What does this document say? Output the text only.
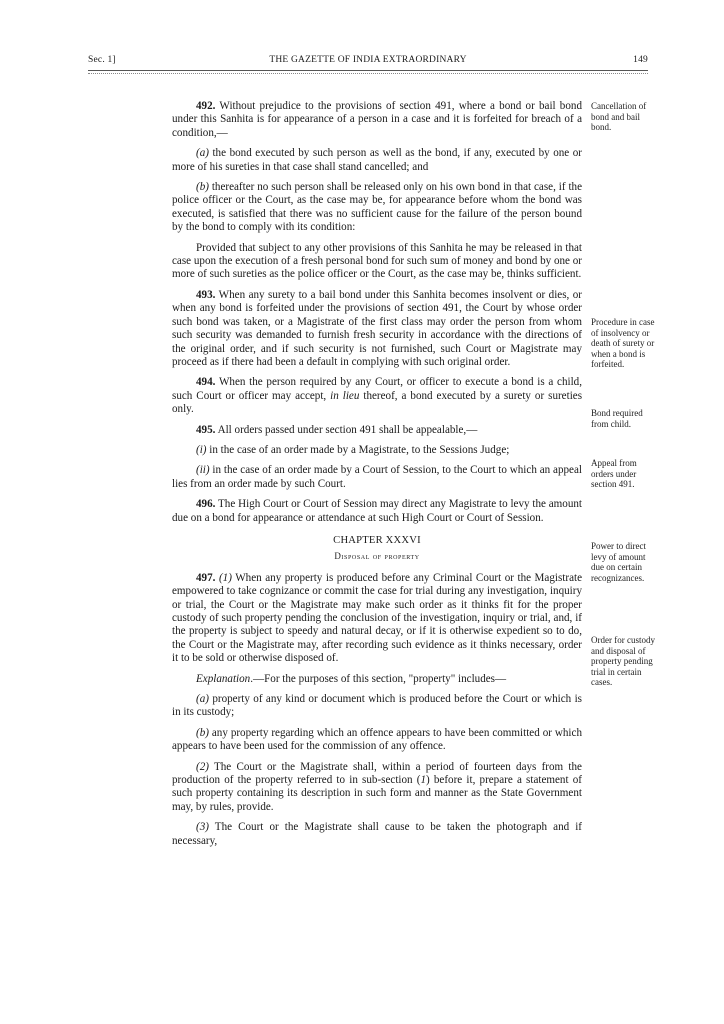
Sec. 1]	THE GAZETTE OF INDIA EXTRAORDINARY	149

492. Without prejudice to the provisions of section 491, where a bond or bail bond under this Sanhita is for appearance of a person in a case and it is forfeited for breach of a condition,—

(a) the bond executed by such person as well as the bond, if any, executed by one or more of his sureties in that case shall stand cancelled; and

(b) thereafter no such person shall be released only on his own bond in that case, if the police officer or the Court, as the case may be, for appearance before whom the bond was executed, is satisfied that there was no sufficient cause for the failure of the person bound by the bond to comply with its condition:

Provided that subject to any other provisions of this Sanhita he may be released in that case upon the execution of a fresh personal bond for such sum of money and bond by one or more of such sureties as the police officer or the Court, as the case may be, thinks sufficient.

493. When any surety to a bail bond under this Sanhita becomes insolvent or dies, or when any bond is forfeited under the provisions of section 491, the Court by whose order such bond was taken, or a Magistrate of the first class may order the person from whom such security was demanded to furnish fresh security in accordance with the directions of the original order, and if such security is not furnished, such Court or Magistrate may proceed as if there had been a default in complying with such original order.

494. When the person required by any Court, or officer to execute a bond is a child, such Court or officer may accept, in lieu thereof, a bond executed by a surety or sureties only.

495. All orders passed under section 491 shall be appealable,—

(i) in the case of an order made by a Magistrate, to the Sessions Judge;

(ii) in the case of an order made by a Court of Session, to the Court to which an appeal lies from an order made by such Court.

496. The High Court or Court of Session may direct any Magistrate to levy the amount due on a bond for appearance or attendance at such High Court or Court of Session.

CHAPTER XXXVI
Disposal of property

497. (1) When any property is produced before any Criminal Court or the Magistrate empowered to take cognizance or commit the case for trial during any investigation, inquiry or trial, the Court or the Magistrate may make such order as it thinks fit for the proper custody of such property pending the conclusion of the investigation, inquiry or trial, and, if the property is subject to speedy and natural decay, or if it is otherwise expedient so to do, the Court or the Magistrate may, after recording such evidence as it thinks necessary, order it to be sold or otherwise disposed of.

Explanation.—For the purposes of this section, "property" includes—

(a) property of any kind or document which is produced before the Court or which is in its custody;

(b) any property regarding which an offence appears to have been committed or which appears to have been used for the commission of any offence.

(2) The Court or the Magistrate shall, within a period of fourteen days from the production of the property referred to in sub-section (1) before it, prepare a statement of such property containing its description in such form and manner as the State Government may, by rules, provide.

(3) The Court or the Magistrate shall cause to be taken the photograph and if necessary,

Cancellation of bond and bail bond.
Procedure in case of insolvency or death of surety or when a bond is forfeited.
Bond required from child.
Appeal from orders under section 491.
Power to direct levy of amount due on certain recognizances.
Order for custody and disposal of property pending trial in certain cases.
